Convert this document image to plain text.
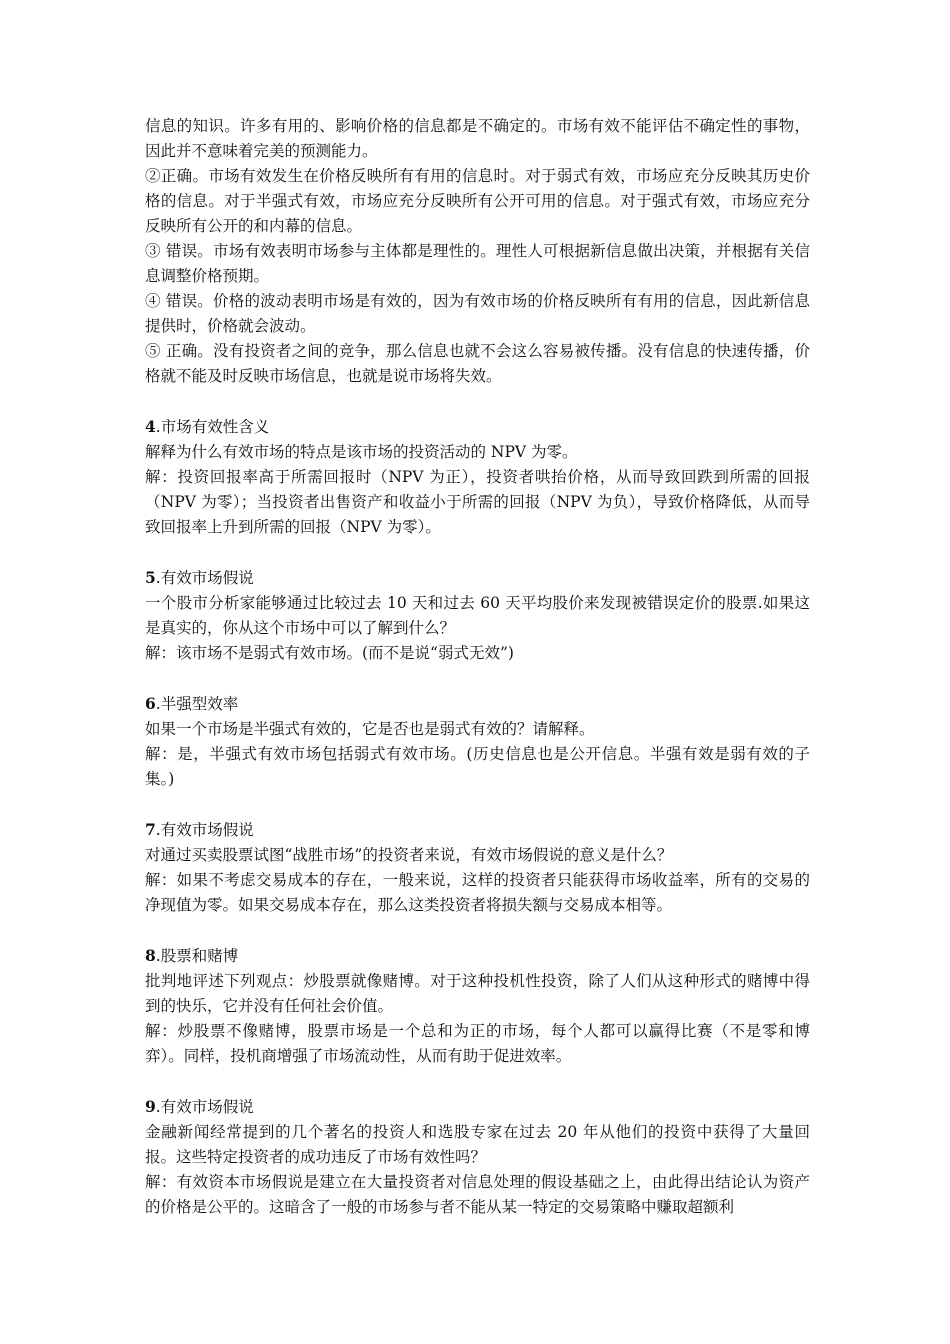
信息的知识。许多有用的、影响价格的信息都是不确定的。市场有效不能评估不确定性的事物，因此并不意味着完美的预测能力。

②正确。市场有效发生在价格反映所有有用的信息时。对于弱式有效，市场应充分反映其历史价格的信息。对于半强式有效，市场应充分反映所有公开可用的信息。对于强式有效，市场应充分反映所有公开的和内幕的信息。

③ 错误。市场有效表明市场参与主体都是理性的。理性人可根据新信息做出决策，并根据有关信息调整价格预期。

④ 错误。价格的波动表明市场是有效的，因为有效市场的价格反映所有有用的信息，因此新信息提供时，价格就会波动。

⑤ 正确。没有投资者之间的竞争，那么信息也就不会这么容易被传播。没有信息的快速传播，价格就不能及时反映市场信息，也就是说市场将失效。

4.市场有效性含义

解释为什么有效市场的特点是该市场的投资活动的 NPV 为零。

解：投资回报率高于所需回报时（NPV 为正），投资者哄抬价格，从而导致回跌到所需的回报（NPV 为零）；当投资者出售资产和收益小于所需的回报（NPV 为负），导致价格降低，从而导致回报率上升到所需的回报（NPV 为零）。

5.有效市场假说

一个股市分析家能够通过比较过去 10 天和过去 60 天平均股价来发现被错误定价的股票.如果这是真实的，你从这个市场中可以了解到什么？

解：该市场不是弱式有效市场。(而不是说“弱式无效”)

6.半强型效率

如果一个市场是半强式有效的，它是否也是弱式有效的？请解释。

解：是，半强式有效市场包括弱式有效市场。(历史信息也是公开信息。半强有效是弱有效的子集。)

7.有效市场假说

对通过买卖股票试图“战胜市场”的投资者来说，有效市场假说的意义是什么？

解：如果不考虑交易成本的存在，一般来说，这样的投资者只能获得市场收益率，所有的交易的净现值为零。如果交易成本存在，那么这类投资者将损失额与交易成本相等。

8.股票和赌博

批判地评述下列观点：炒股票就像赌博。对于这种投机性投资，除了人们从这种形式的赌博中得到的快乐，它并没有任何社会价值。

解：炒股票不像赌博，股票市场是一个总和为正的市场，每个人都可以赢得比赛（不是零和博弈）。同样，投机商增强了市场流动性，从而有助于促进效率。

9.有效市场假说

金融新闻经常提到的几个著名的投资人和选股专家在过去 20 年从他们的投资中获得了大量回报。这些特定投资者的成功违反了市场有效性吗？

解：有效资本市场假说是建立在大量投资者对信息处理的假设基础之上，由此得出结论认为资产的价格是公平的。这暗含了一般的市场参与者不能从某一特定的交易策略中赚取超额利
